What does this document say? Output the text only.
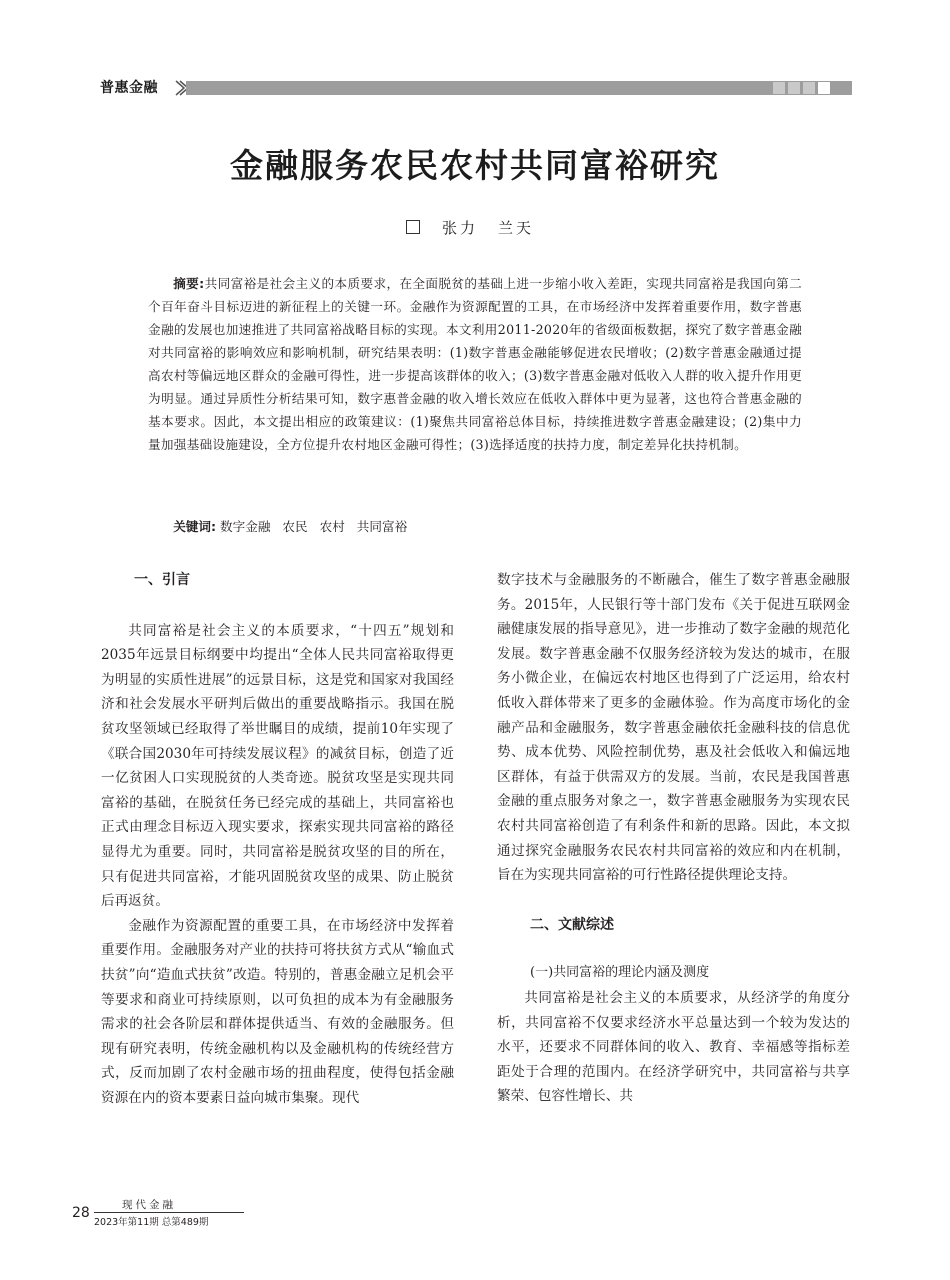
普惠金融
金融服务农民农村共同富裕研究
张力 兰天
摘要:共同富裕是社会主义的本质要求，在全面脱贫的基础上进一步缩小收入差距，实现共同富裕是我国向第二个百年奋斗目标迈进的新征程上的关键一环。金融作为资源配置的工具，在市场经济中发挥着重要作用，数字普惠金融的发展也加速推进了共同富裕战略目标的实现。本文利用2011-2020年的省级面板数据，探究了数字普惠金融对共同富裕的影响效应和影响机制，研究结果表明：(1)数字普惠金融能够促进农民增收；(2)数字普惠金融通过提高农村等偏远地区群众的金融可得性，进一步提高该群体的收入；(3)数字普惠金融对低收入人群的收入提升作用更为明显。通过异质性分析结果可知，数字惠普金融的收入增长效应在低收入群体中更为显著，这也符合普惠金融的基本要求。因此，本文提出相应的政策建议：(1)聚焦共同富裕总体目标，持续推进数字普惠金融建设；(2)集中力量加强基础设施建设，全方位提升农村地区金融可得性；(3)选择适度的扶持力度，制定差异化扶持机制。
关键词: 数字金融 农民 农村 共同富裕
一、引言

共同富裕是社会主义的本质要求，“十四五”规划和2035年远景目标纲要中均提出“全体人民共同富裕取得更为明显的实质性进展”的远景目标，这是党和国家对我国经济和社会发展水平研判后做出的重要战略指示。我国在脱贫攻坚领域已经取得了举世瞩目的成绩，提前10年实现了《联合国2030年可持续发展议程》的减贫目标，创造了近一亿贫困人口实现脱贫的人类奇迹。脱贫攻坚是实现共同富裕的基础，在脱贫任务已经完成的基础上，共同富裕也正式由理念目标迈入现实要求，探索实现共同富裕的路径显得尤为重要。同时，共同富裕是脱贫攻坚的目的所在，只有促进共同富裕，才能巩固脱贫攻坚的成果、防止脱贫后再返贫。

金融作为资源配置的重要工具，在市场经济中发挥着重要作用。金融服务对产业的扶持可将扶贫方式从“输血式扶贫”向“造血式扶贫”改造。特别的，普惠金融立足机会平等要求和商业可持续原则，以可负担的成本为有金融服务需求的社会各阶层和群体提供适当、有效的金融服务。但现有研究表明，传统金融机构以及金融机构的传统经营方式，反而加剧了农村金融市场的扭曲程度，使得包括金融资源在内的资本要素日益向城市集聚。现代

数字技术与金融服务的不断融合，催生了数字普惠金融服务。2015年，人民银行等十部门发布《关于促进互联网金融健康发展的指导意见》，进一步推动了数字金融的规范化发展。数字普惠金融不仅服务经济较为发达的城市，在服务小微企业，在偏远农村地区也得到了广泛运用，给农村低收入群体带来了更多的金融体验。作为高度市场化的金融产品和金融服务，数字普惠金融依托金融科技的信息优势、成本优势、风险控制优势，惠及社会低收入和偏远地区群体，有益于供需双方的发展。当前，农民是我国普惠金融的重点服务对象之一，数字普惠金融服务为实现农民农村共同富裕创造了有利条件和新的思路。因此，本文拟通过探究金融服务农民农村共同富裕的效应和内在机制，旨在为实现共同富裕的可行性路径提供理论支持。

二、文献综述
(一)共同富裕的理论内涵及测度

共同富裕是社会主义的本质要求，从经济学的角度分析，共同富裕不仅要求经济水平总量达到一个较为发达的水平，还要求不同群体间的收入、教育、幸福感等指标差距处于合理的范围内。在经济学研究中，共同富裕与共享繁荣、包容性增长、共

28	现代金融
2023年第11期 总第489期
